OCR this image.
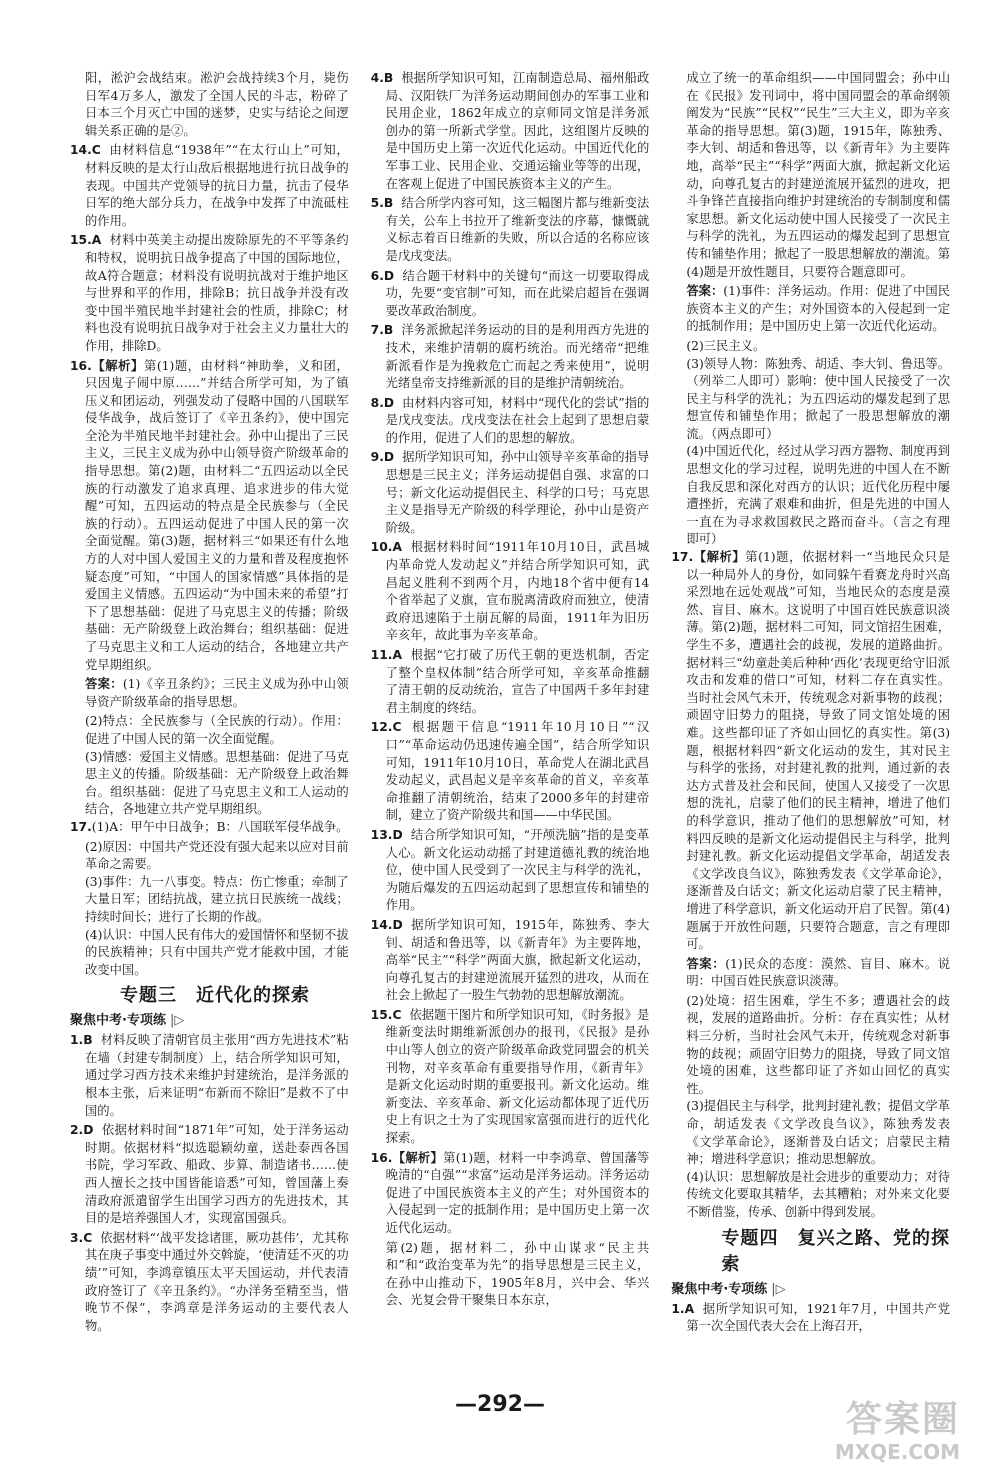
阳，淞沪会战结束。淞沪会战持续3个月，毙伤日军4万多人，激发了全国人民的斗志，粉碎了日本三个月灭亡中国的迷梦，史实与结论之间逻辑关系正确的是②。
14.C 由材料信息“1938年”“在太行山上”可知，材料反映的是太行山敌后根据地进行抗日战争的表现。中国共产党领导的抗日力量，抗击了侵华日军的绝大部分兵力，在战争中发挥了中流砥柱的作用。
15.A 材料中英美主动提出废除原先的不平等条约和特权，说明抗日战争提高了中国的国际地位，故A符合题意；材料没有说明抗战对于维护地区与世界和平的作用，排除B；抗日战争并没有改变中国半殖民地半封建社会的性质，排除C；材料也没有说明抗日战争对于社会主义力量壮大的作用，排除D。
16.【解析】第(1)题，由材料“神助拳，义和团，只因鬼子闹中原……”并结合所学可知，为了镇压义和团运动，列强发动了侵略中国的八国联军侵华战争，战后签订了《辛丑条约》，使中国完全沦为半殖民地半封建社会。孙中山提出了三民主义，三民主义成为孙中山领导资产阶级革命的指导思想。第(2)题，由材料二“五四运动以全民族的行动激发了追求真理、追求进步的伟大觉醒”可知，五四运动的特点是全民族参与（全民族的行动）。五四运动促进了中国人民的第一次全面觉醒。第(3)题，据材料三“如果还有什么地方的人对中国人爱国主义的力量和普及程度抱怀疑态度”可知，“中国人的国家情感”具体指的是爱国主义情感。五四运动“为中国未来的希望”打下了思想基础：促进了马克思主义的传播；阶级基础：无产阶级登上政治舞台；组织基础：促进了马克思主义和工人运动的结合，各地建立共产党早期组织。
答案：(1)《辛丑条约》；三民主义成为孙中山领导资产阶级革命的指导思想。
(2)特点：全民族参与（全民族的行动）。作用：促进了中国人民的第一次全面觉醒。
(3)情感：爱国主义情感。思想基础：促进了马克思主义的传播。阶级基础：无产阶级登上政治舞台。组织基础：促进了马克思主义和工人运动的结合，各地建立共产党早期组织。
17.(1)A：甲午中日战争；B：八国联军侵华战争。
(2)原因：中国共产党还没有强大起来以应对目前革命之需要。
(3)事件：九一八事变。特点：伤亡惨重；牵制了大量日军；团结抗战，建立抗日民族统一战线；持续时间长；进行了长期的作战。
(4)认识：中国人民有伟大的爱国情怀和坚韧不拔的民族精神；只有中国共产党才能救中国，才能改变中国。
专题三　近代化的探索
聚焦中考·专项练 |▷
1.B 材料反映了清朝官员主张用“西方先进技术”粘在墙（封建专制制度）上，结合所学知识可知，通过学习西方技术来维护封建统治，是洋务派的根本主张，后来证明“布新而不除旧”是救不了中国的。
2.D 依据材料时间“1871年”可知，处于洋务运动时期。依据材料“拟选聪颖幼童，送赴泰西各国书院，学习军政、船政、步算、制造诸书……使西人擅长之技中国皆能谙悉”可知，曾国藩上奏清政府派遣留学生出国学习西方的先进技术，其目的是培养强国人才，实现富国强兵。
3.C 依据材料“‘战平发捻诸匪，厥功甚伟’，尤其称其在庚子事变中通过外交斡旋，‘使清廷不灭的功绩’”可知，李鸿章镇压太平天国运动，并代表清政府签订了《辛丑条约》。“办洋务至精至当，惜晚节不保”，李鸿章是洋务运动的主要代表人物。
4.B 根据所学知识可知，江南制造总局、福州船政局、汉阳铁厂为洋务运动期间创办的军事工业和民用企业，1862年成立的京师同文馆是洋务派创办的第一所新式学堂。因此，这组图片反映的是中国历史上第一次近代化运动。中国近代化的军事工业、民用企业、交通运输业等等的出现，在客观上促进了中国民族资本主义的产生。
5.B 结合所学内容可知，这三幅图片都与维新变法有关，公车上书拉开了维新变法的序幕，慷慨就义标志着百日维新的失败，所以合适的名称应该是戊戌变法。
6.D 结合题干材料中的关键句“而这一切要取得成功，先要“变官制”可知，而在此梁启超旨在强调要改革政治制度。
7.B 洋务派掀起洋务运动的目的是利用西方先进的技术，来维护清朝的腐朽统治。而光绪帝“把维新派看作是为挽救危亡而起之秀来使用”，说明光绪皇帝支持维新派的目的是维护清朝统治。
8.D 由材料内容可知，材料中“现代化的尝试”指的是戊戌变法。戊戌变法在社会上起到了思想启蒙的作用，促进了人们的思想的解放。
9.D 据所学知识可知，孙中山领导辛亥革命的指导思想是三民主义；洋务运动提倡自强、求富的口号；新文化运动提倡民主、科学的口号；马克思主义是指导无产阶级的科学理论，孙中山是资产阶级。
10.A 根据材料时间“1911年10月10日，武昌城内革命党人发动起义”并结合所学知识可知，武昌起义胜利不到两个月，内地18个省中便有14个省举起了义旗，宣布脱离清政府而独立，使清政府迅速陷于土崩瓦解的局面，1911年为旧历辛亥年，故此事为辛亥革命。
11.A 根据“它打破了历代王朝的更迭机制，否定了整个皇权体制”结合所学可知，辛亥革命推翻了清王朝的反动统治，宣告了中国两千多年封建君主制度的终结。
12.C 根据题干信息“1911年10月10日”“汉口”“革命运动仍迅速传遍全国”，结合所学知识可知，1911年10月10日，革命党人在湖北武昌发动起义，武昌起义是辛亥革命的首义，辛亥革命推翻了清朝统治，结束了2000多年的封建帝制，建立了资产阶级共和国——中华民国。
13.D 结合所学知识可知，“开颅洗脑”指的是变革人心。新文化运动动摇了封建道德礼教的统治地位，使中国人民受到了一次民主与科学的洗礼，为随后爆发的五四运动起到了思想宣传和铺垫的作用。
14.D 据所学知识可知，1915年，陈独秀、李大钊、胡适和鲁迅等，以《新青年》为主要阵地，高举“民主”“科学”两面大旗，掀起新文化运动，向尊孔复古的封建逆流展开猛烈的进攻，从而在社会上掀起了一股生气勃勃的思想解放潮流。
15.C 依据题干图片和所学知识可知，《时务报》是维新变法时期维新派创办的报刊，《民报》是孙中山等人创立的资产阶级革命政党同盟会的机关刊物，对辛亥革命有重要指导作用，《新青年》是新文化运动时期的重要报刊。新文化运动。维新变法、辛亥革命、新文化运动都体现了近代历史上有识之士为了实现国家富强而进行的近代化探索。
16.【解析】第(1)题，材料一中李鸿章、曾国藩等晚清的“自强”“求富”运动是洋务运动。洋务运动促进了中国民族资本主义的产生；对外国资本的入侵起到一定的抵制作用；是中国历史上第一次近代化运动。
第(2)题，据材料二，孙中山谋求“民主共和”和“政治变革为先”的指导思想是三民主义，在孙中山推动下，1905年8月，兴中会、华兴会、光复会骨干聚集日本东京，
成立了统一的革命组织——中国同盟会；孙中山在《民报》发刊词中，将中国同盟会的革命纲领阐发为“民族”“民权”“民生”三大主义，即为辛亥革命的指导思想。第(3)题，1915年，陈独秀、李大钊、胡适和鲁迅等，以《新青年》为主要阵地，高举“民主”“科学”两面大旗，掀起新文化运动，向尊孔复古的封建逆流展开猛烈的进攻，把斗争锋芒直接指向维护封建统治的专制制度和儒家思想。新文化运动使中国人民接受了一次民主与科学的洗礼，为五四运动的爆发起到了思想宣传和铺垫作用；掀起了一股思想解放的潮流。第(4)题是开放性题目，只要符合题意即可。
答案：(1)事件：洋务运动。作用：促进了中国民族资本主义的产生；对外国资本的入侵起到一定的抵制作用；是中国历史上第一次近代化运动。
(2)三民主义。
(3)领导人物：陈独秀、胡适、李大钊、鲁迅等。（列举二人即可）影响：使中国人民接受了一次民主与科学的洗礼；为五四运动的爆发起到了思想宣传和铺垫作用；掀起了一股思想解放的潮流。（两点即可）
(4)中国近代化，经过从学习西方器物、制度再到思想文化的学习过程，说明先进的中国人在不断自我反思和深化对西方的认识；近代化历程中屡遭挫折，充满了艰难和曲折，但是先进的中国人一直在为寻求救国救民之路而奋斗。（言之有理即可）
17.【解析】第(1)题，依据材料一“当地民众只是以一种局外人的身份，如同躲午看赛龙舟时兴高采烈地在远处观战”可知，当地民众的态度是漠然、盲目、麻木。这说明了中国百姓民族意识淡薄。第(2)题，据材料二可知，同文馆招生困难，学生不多，遭遇社会的歧视，发展的道路曲折。据材料三“幼童赴美后种种‘西化’表现更给守旧派攻击和发难的借口”可知，材料二存在真实性。当时社会风气未开，传统观念对新事物的歧视；顽固守旧势力的阻挠，导致了同文馆处境的困难。这些都印证了齐如山回忆的真实性。第(3)题，根据材料四“新文化运动的发生，其对民主与科学的张扬，对封建礼教的批判，通过新的表达方式普及社会和民间，使国人又接受了一次思想的洗礼，启蒙了他们的民主精神，增进了他们的科学意识，推动了他们的思想解放”可知，材料四反映的是新文化运动提倡民主与科学，批判封建礼教。新文化运动提倡文学革命，胡适发表《文学改良刍议》，陈独秀发表《文学革命论》，逐渐普及白话文；新文化运动启蒙了民主精神，增进了科学意识，新文化运动开启了民智。第(4)题属于开放性问题，只要符合题意，言之有理即可。
答案：(1)民众的态度：漠然、盲目、麻木。说明：中国百姓民族意识淡薄。
(2)处境：招生困难，学生不多；遭遇社会的歧视，发展的道路曲折。分析：存在真实性；从材料三分析，当时社会风气未开，传统观念对新事物的歧视；顽固守旧势力的阻挠，导致了同文馆处境的困难，这些都印证了齐如山回忆的真实性。
(3)提倡民主与科学，批判封建礼教；提倡文学革命，胡适发表《文学改良刍议》，陈独秀发表《文学革命论》，逐渐普及白话文；启蒙民主精神；增进科学意识；推动思想解放。
(4)认识：思想解放是社会进步的重要动力；对待传统文化要取其精华，去其糟粕；对外来文化要不断借鉴，传承、创新中得到发展。
专题四　复兴之路、党的探索
聚焦中考·专项练 |▷
1.A 据所学知识可知，1921年7月，中国共产党第一次全国代表大会在上海召开，
—292—	答案圈
MXQE.COM
